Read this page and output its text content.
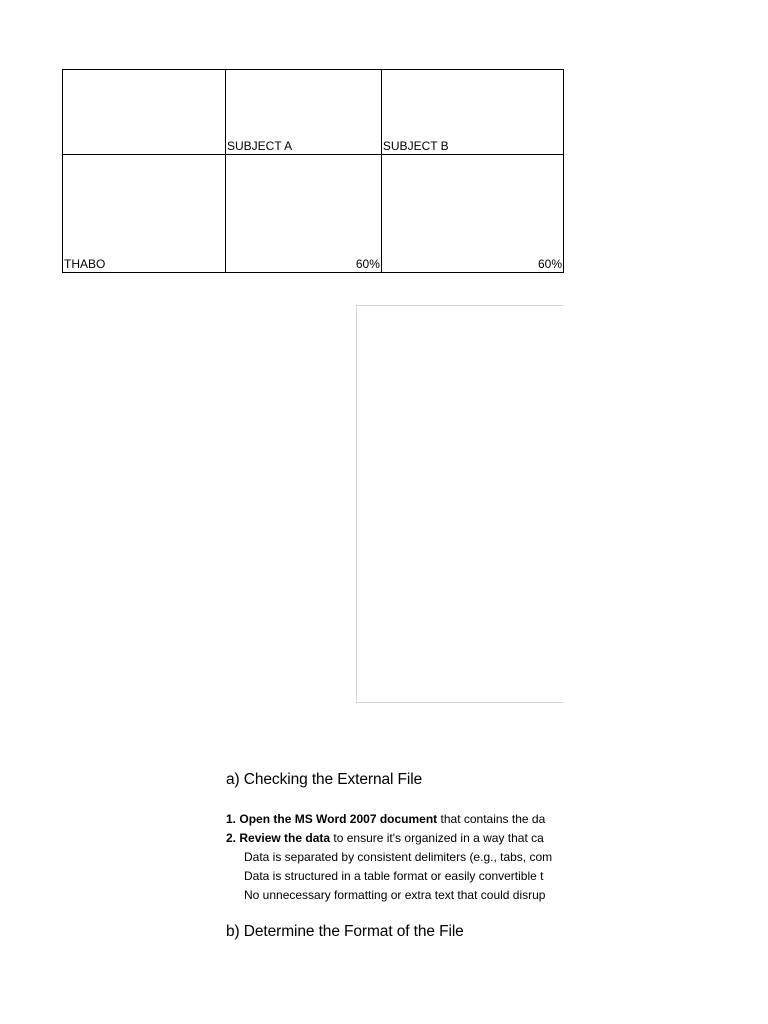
	SUBJECT A	SUBJECT B
THABO	60%	60%
a) Checking the External File
1. Open the MS Word 2007 document that contains the da
2. Review the data to ensure it's organized in a way that ca
Data is separated by consistent delimiters (e.g., tabs, com
Data is structured in a table format or easily convertible t
No unnecessary formatting or extra text that could disrup
b) Determine the Format of the File
